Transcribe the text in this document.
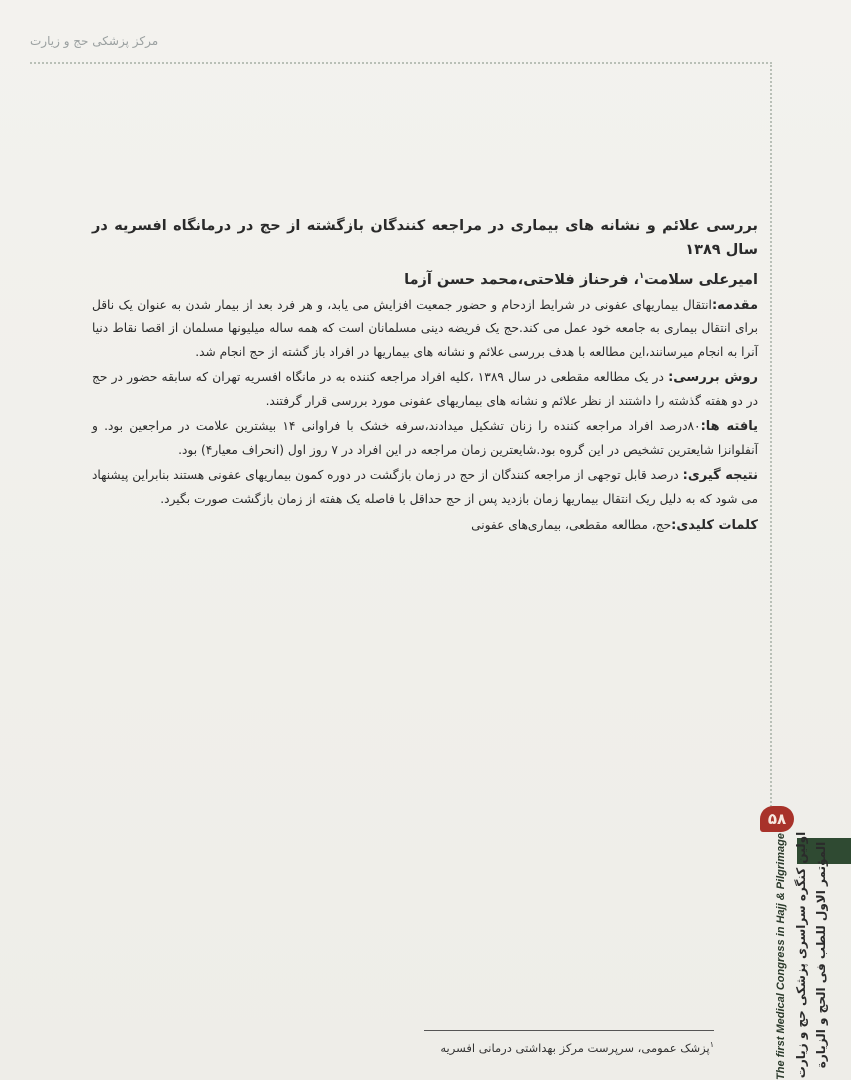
مرکز پزشکی حج و زیارت

بررسی علائم و نشانه های بیماری در مراجعه کنندگان بازگشته از حج در درمانگاه افسریه در سال ۱۳۸۹

امیرعلی سلامت$^۱$، فرحناز فلاحتی،محمد حسن آزما

مقدمه:انتقال بیماریهای عفونی در شرایط ازدحام و حضور جمعیت افزایش می یابد، و هر فرد بعد از بیمار شدن به عنوان یک ناقل برای انتقال بیماری به جامعه خود عمل می کند.حج یک فریضه دینی مسلمانان است که همه ساله میلیونها مسلمان از اقصا نقاط دنیا آنرا به انجام میرسانند،این مطالعه با هدف بررسی علائم و نشانه های بیماریها در افراد باز گشته از حج انجام شد.

روش بررسی: در یک مطالعه مقطعی در سال ۱۳۸۹ ،کلیه افراد مراجعه کننده به در مانگاه افسریه تهران که سابقه حضور در حج در دو هفته گذشته را داشتند از نظر علائم و نشانه های بیماریهای عفونی مورد بررسی قرار گرفتند.

یافته ها:۸۰درصد افراد مراجعه کننده را زنان تشکیل میدادند،سرفه خشک با فراوانی ۱۴ بیشترین علامت در مراجعین بود. و آنفلوانزا شایعترین تشخیص در این گروه بود.شایعترین زمان مراجعه در این افراد در ۷ روز اول (انحراف معیار۴) بود.

نتیجه گیری: درصد قابل توجهی از مراجعه کنندگان از حج در زمان بازگشت در دوره کمون بیماریهای عفونی هستند بنابراین پیشنهاد می شود که به دلیل ریک انتقال بیماریها زمان بازدید پس از حج حداقل با فاصله یک هفته از زمان بازگشت صورت بگیرد.

کلمات کلیدی:حج، مطالعه مقطعی، بیماری‌های عفونی

۵۸
The first Medical Congress in Hajj & Pilgrimage اولین کنگره سراسری پزشکی حج و زیارت المؤتمر الاول للطب فی الحج و الزیارة
$^۱$پزشک عمومی، سرپرست مرکز بهداشتی درمانی افسریه
